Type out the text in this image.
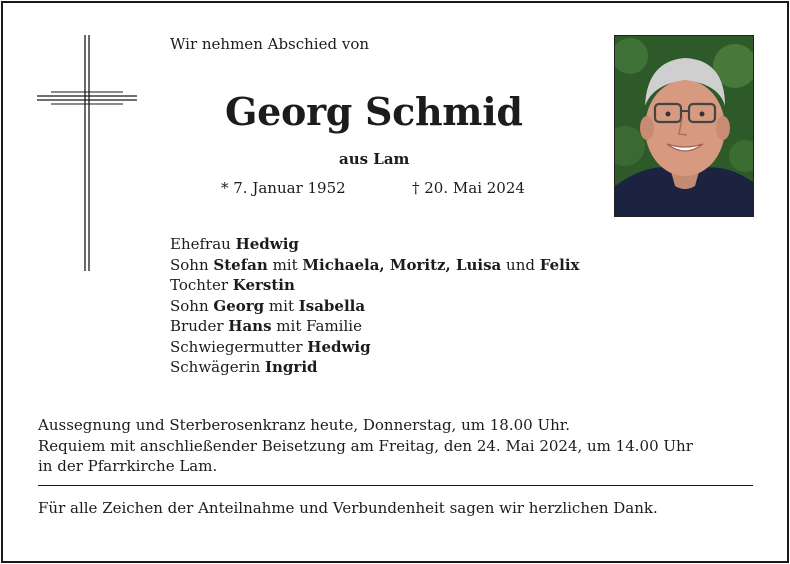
Wir nehmen Abschied von
Georg Schmid
aus Lam
* 7. Januar 1952	† 20. Mai 2024
Ehefrau Hedwig
Sohn Stefan mit Michaela, Moritz, Luisa und Felix
Tochter Kerstin
Sohn Georg mit Isabella
Bruder Hans mit Familie
Schwiegermutter Hedwig
Schwägerin Ingrid
Aussegnung und Sterberosenkranz heute, Donnerstag, um 18.00 Uhr.
Requiem mit anschließender Beisetzung am Freitag, den 24. Mai 2024, um 14.00 Uhr
in der Pfarrkirche Lam.
Für alle Zeichen der Anteilnahme und Verbundenheit sagen wir herzlichen Dank.
